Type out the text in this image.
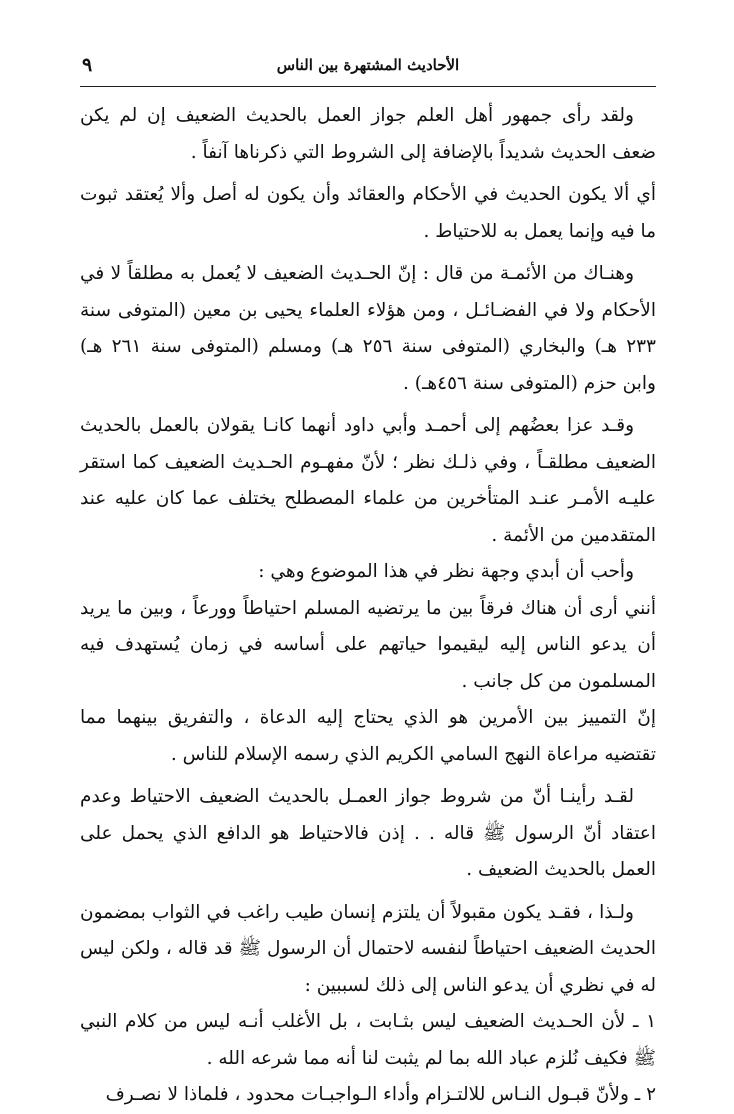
الأحاديث المشتهرة بين الناس
٩

ولقد رأى جمهور أهل العلم جواز العمل بالحديث الضعيف إن لم يكن ضعف الحديث شديداً بالإضافة إلى الشروط التي ذكرناها آنفاً .

أي ألا يكون الحديث في الأحكام والعقائد وأن يكون له أصل وألا يُعتقد ثبوت ما فيه وإنما يعمل به للاحتياط .

وهنـاك من الأئمـة من قال : إنّ الحـديث الضعيف لا يُعمل به مطلقاً لا في الأحكام ولا في الفضـائـل ، ومن هؤلاء العلماء يحيى بن معين (المتوفى سنة ٢٣٣ هـ) والبخاري (المتوفى سنة ٢٥٦ هـ) ومسلم (المتوفى سنة ٢٦١ هـ) وابن حزم (المتوفى سنة ٤٥٦هـ) .

وقـد عزا بعضُهم إلى أحمـد وأبي داود أنهما كانـا يقولان بالعمل بالحديث الضعيف مطلقـاً ، وفي ذلـك نظر ؛ لأنّ مفهـوم الحـديث الضعيف كما استقر عليـه الأمـر عنـد المتأخرين من علماء المصطلح يختلف عما كان عليه عند المتقدمين من الأئمة .

وأحب أن أبدي وجهة نظر في هذا الموضوع وهي :

أنني أرى أن هناك فرقاً بين ما يرتضيه المسلم احتياطاً وورعاً ، وبين ما يريد أن يدعو الناس إليه ليقيموا حياتهم على أساسه في زمان يُستهدف فيه المسلمون من كل جانب .

إنّ التمييز بين الأمرين هو الذي يحتاج إليه الدعاة ، والتفريق بينهما مما تقتضيه مراعاة النهج السامي الكريم الذي رسمه الإسلام للناس .

لقـد رأينـا أنّ من شروط جواز العمـل بالحديث الضعيف الاحتياط وعدم اعتقاد أنّ الرسول ﷺ قاله . . إذن فالاحتياط هو الدافع الذي يحمل على العمل بالحديث الضعيف .

ولـذا ، فقـد يكون مقبولاً أن يلتزم إنسان طيب راغب في الثواب بمضمون الحديث الضعيف احتياطاً لنفسه لاحتمال أن الرسول ﷺ قد قاله ، ولكن ليس له في نظري أن يدعو الناس إلى ذلك لسببين :

١ ـ لأن الحـديث الضعيف ليس بثـابت ، بل الأغلب أنـه ليس من كلام النبي ﷺ فكيف نُلزم عباد الله بما لم يثبت لنا أنه مما شرعه الله .

٢ ـ ولأنّ قبـول النـاس للالتـزام وأداء الـواجبـات محدود ، فلماذا لا نصـرف
